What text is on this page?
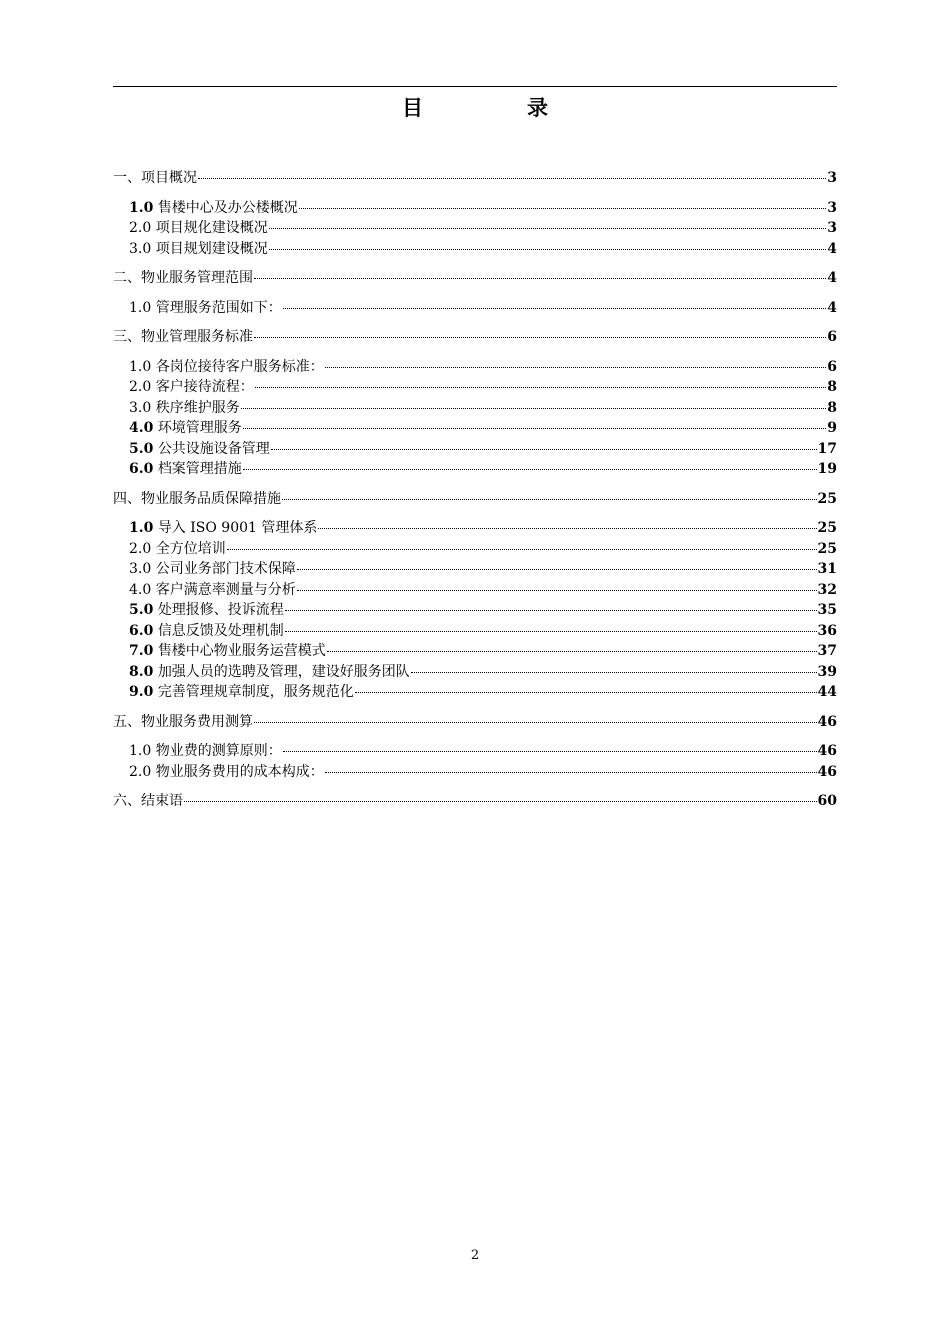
目	录
一、项目概况	3
1.0 售楼中心及办公楼概况	3
2.0 项目规化建设概况	3
3.0 项目规划建设概况	4
二、物业服务管理范围	4
1.0 管理服务范围如下：	4
三、物业管理服务标准	6
1.0 各岗位接待客户服务标准：	6
2.0 客户接待流程：	8
3.0 秩序维护服务	8
4.0 环境管理服务	9
5.0 公共设施设备管理	17
6.0 档案管理措施	19
四、物业服务品质保障措施	25
1.0 导入 ISO 9001 管理体系	25
2.0 全方位培训	25
3.0 公司业务部门技术保障	31
4.0 客户满意率测量与分析	32
5.0 处理报修、投诉流程	35
6.0 信息反馈及处理机制	36
7.0 售楼中心物业服务运营模式	37
8.0 加强人员的选聘及管理，建设好服务团队	39
9.0 完善管理规章制度，服务规范化	44
五、物业服务费用测算	46
1.0 物业费的测算原则：	46
2.0 物业服务费用的成本构成：	46
六、结束语	60
2
